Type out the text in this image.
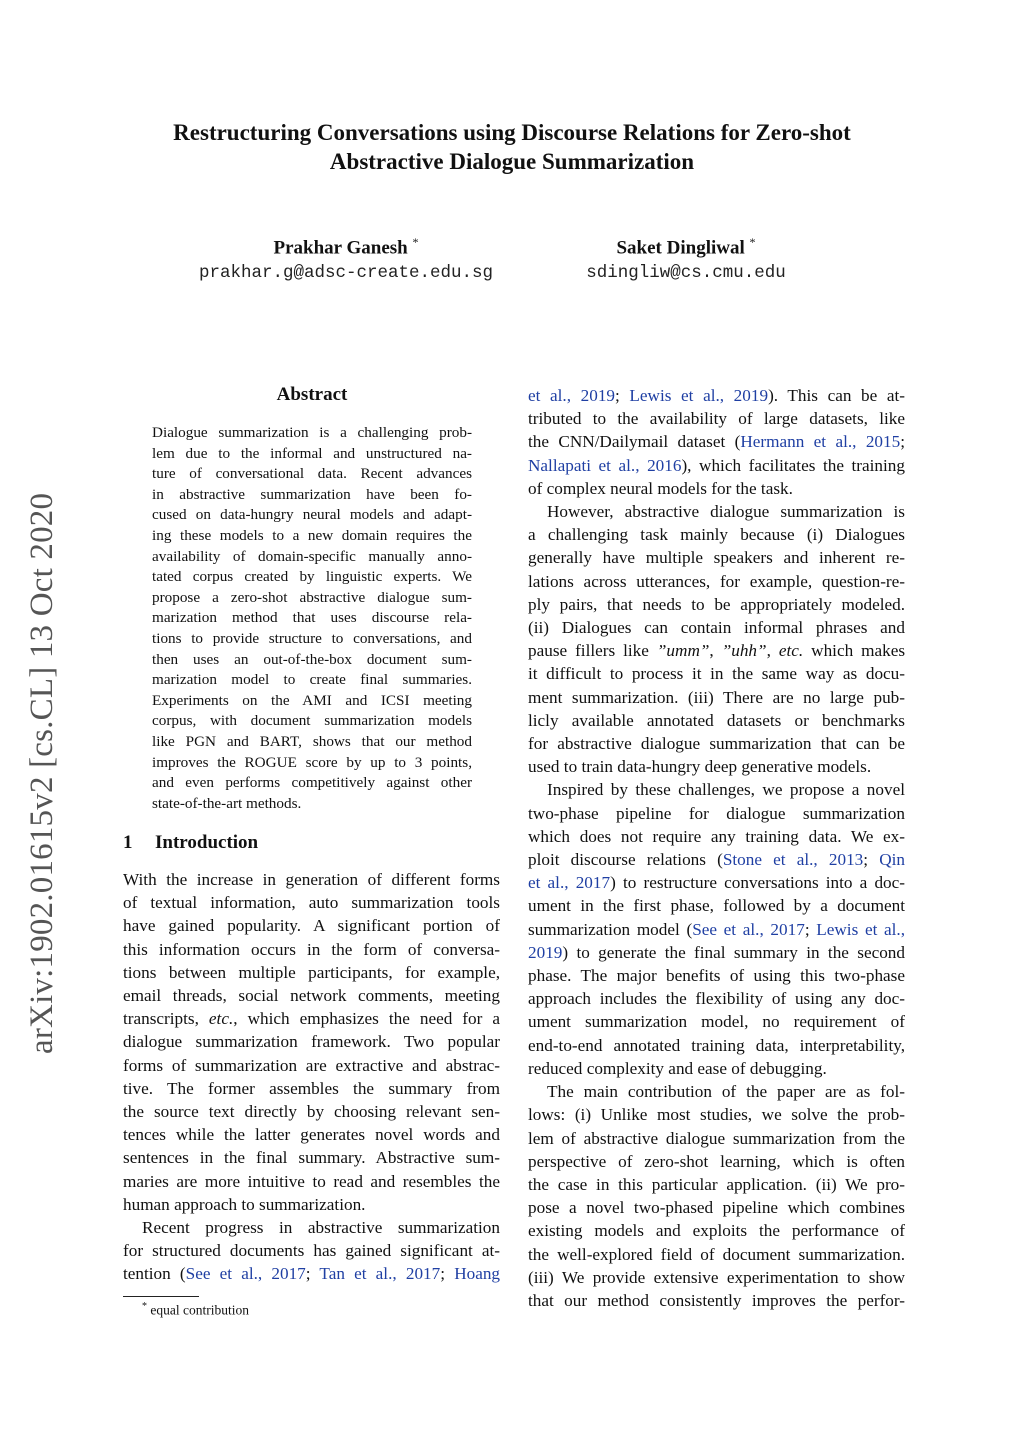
Restructuring Conversations using Discourse Relations for Zero-shot
Abstractive Dialogue Summarization
Prakhar Ganesh *
prakhar.g@adsc-create.edu.sg
Saket Dingliwal *
sdingliw@cs.cmu.edu
arXiv:1902.01615v2 [cs.CL] 13 Oct 2020
Abstract
Dialogue summarization is a challenging prob-
lem due to the informal and unstructured na-
ture of conversational data. Recent advances
in abstractive summarization have been fo-
cused on data-hungry neural models and adapt-
ing these models to a new domain requires the
availability of domain-specific manually anno-
tated corpus created by linguistic experts. We
propose a zero-shot abstractive dialogue sum-
marization method that uses discourse rela-
tions to provide structure to conversations, and
then uses an out-of-the-box document sum-
marization model to create final summaries.
Experiments on the AMI and ICSI meeting
corpus, with document summarization models
like PGN and BART, shows that our method
improves the ROGUE score by up to 3 points,
and even performs competitively against other
state-of-the-art methods.
1 Introduction
With the increase in generation of different forms
of textual information, auto summarization tools
have gained popularity. A significant portion of
this information occurs in the form of conversa-
tions between multiple participants, for example,
email threads, social network comments, meeting
transcripts, etc., which emphasizes the need for a
dialogue summarization framework. Two popular
forms of summarization are extractive and abstrac-
tive. The former assembles the summary from
the source text directly by choosing relevant sen-
tences while the latter generates novel words and
sentences in the final summary. Abstractive sum-
maries are more intuitive to read and resembles the
human approach to summarization.
Recent progress in abstractive summarization
for structured documents has gained significant at-
tention (See et al., 2017; Tan et al., 2017; Hoang
* equal contribution
et al., 2019; Lewis et al., 2019). This can be at-
tributed to the availability of large datasets, like
the CNN/Dailymail dataset (Hermann et al., 2015;
Nallapati et al., 2016), which facilitates the training
of complex neural models for the task.
However, abstractive dialogue summarization is
a challenging task mainly because (i) Dialogues
generally have multiple speakers and inherent re-
lations across utterances, for example, question-re-
ply pairs, that needs to be appropriately modeled.
(ii) Dialogues can contain informal phrases and
pause fillers like ”umm”, ”uhh”, etc. which makes
it difficult to process it in the same way as docu-
ment summarization. (iii) There are no large pub-
licly available annotated datasets or benchmarks
for abstractive dialogue summarization that can be
used to train data-hungry deep generative models.
Inspired by these challenges, we propose a novel
two-phase pipeline for dialogue summarization
which does not require any training data. We ex-
ploit discourse relations (Stone et al., 2013; Qin
et al., 2017) to restructure conversations into a doc-
ument in the first phase, followed by a document
summarization model (See et al., 2017; Lewis et al.,
2019) to generate the final summary in the second
phase. The major benefits of using this two-phase
approach includes the flexibility of using any doc-
ument summarization model, no requirement of
end-to-end annotated training data, interpretability,
reduced complexity and ease of debugging.
The main contribution of the paper are as fol-
lows: (i) Unlike most studies, we solve the prob-
lem of abstractive dialogue summarization from the
perspective of zero-shot learning, which is often
the case in this particular application. (ii) We pro-
pose a novel two-phased pipeline which combines
existing models and exploits the performance of
the well-explored field of document summarization.
(iii) We provide extensive experimentation to show
that our method consistently improves the perfor-
